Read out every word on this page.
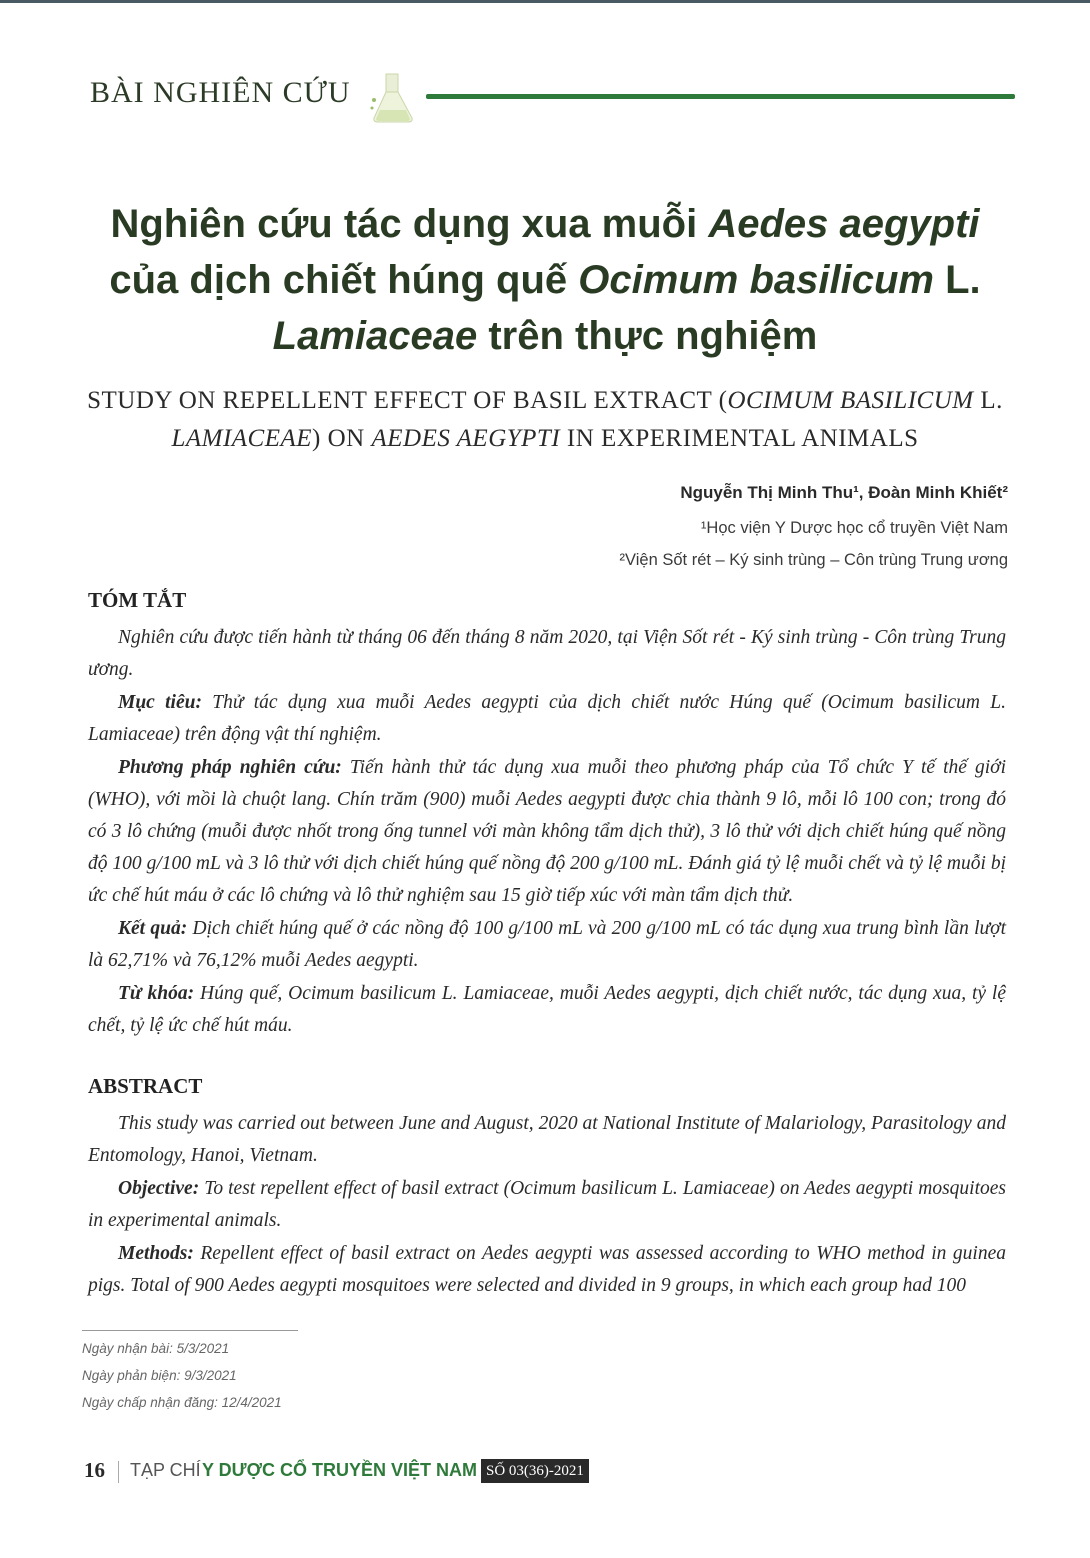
BÀI NGHIÊN CỨU
Nghiên cứu tác dụng xua muỗi Aedes aegypti
của dịch chiết húng quế Ocimum basilicum L.
Lamiaceae trên thực nghiệm
STUDY ON REPELLENT EFFECT OF BASIL EXTRACT (OCIMUM BASILICUM L.
LAMIACEAE) ON AEDES AEGYPTI IN EXPERIMENTAL ANIMALS
Nguyễn Thị Minh Thu¹, Đoàn Minh Khiết²
¹Học viện Y Dược học cổ truyền Việt Nam
²Viện Sốt rét – Ký sinh trùng – Côn trùng Trung ương
TÓM TẮT
Nghiên cứu được tiến hành từ tháng 06 đến tháng 8 năm 2020, tại Viện Sốt rét - Ký sinh trùng - Côn trùng Trung ương.
Mục tiêu: Thử tác dụng xua muỗi Aedes aegypti của dịch chiết nước Húng quế (Ocimum basilicum L. Lamiaceae) trên động vật thí nghiệm.
Phương pháp nghiên cứu: Tiến hành thử tác dụng xua muỗi theo phương pháp của Tổ chức Y tế thế giới (WHO), với mồi là chuột lang. Chín trăm (900) muỗi Aedes aegypti được chia thành 9 lô, mỗi lô 100 con; trong đó có 3 lô chứng (muỗi được nhốt trong ống tunnel với màn không tẩm dịch thử), 3 lô thử với dịch chiết húng quế nồng độ 100 g/100 mL và 3 lô thử với dịch chiết húng quế nồng độ 200 g/100 mL. Đánh giá tỷ lệ muỗi chết và tỷ lệ muỗi bị ức chế hút máu ở các lô chứng và lô thử nghiệm sau 15 giờ tiếp xúc với màn tẩm dịch thử.
Kết quả: Dịch chiết húng quế ở các nồng độ 100 g/100 mL và 200 g/100 mL có tác dụng xua trung bình lần lượt là 62,71% và 76,12% muỗi Aedes aegypti.
Từ khóa: Húng quế, Ocimum basilicum L. Lamiaceae, muỗi Aedes aegypti, dịch chiết nước, tác dụng xua, tỷ lệ chết, tỷ lệ ức chế hút máu.
ABSTRACT
This study was carried out between June and August, 2020 at National Institute of Malariology, Parasitology and Entomology, Hanoi, Vietnam.
Objective: To test repellent effect of basil extract (Ocimum basilicum L. Lamiaceae) on Aedes aegypti mosquitoes in experimental animals.
Methods: Repellent effect of basil extract on Aedes aegypti was assessed according to WHO method in guinea pigs. Total of 900 Aedes aegypti mosquitoes were selected and divided in 9 groups, in which each group had 100
Ngày nhận bài: 5/3/2021
Ngày phản biện: 9/3/2021
Ngày chấp nhận đăng: 12/4/2021
16 TẠP CHÍ Y DƯỢC CỔ TRUYỀN VIỆT NAM SỐ 03(36)-2021
